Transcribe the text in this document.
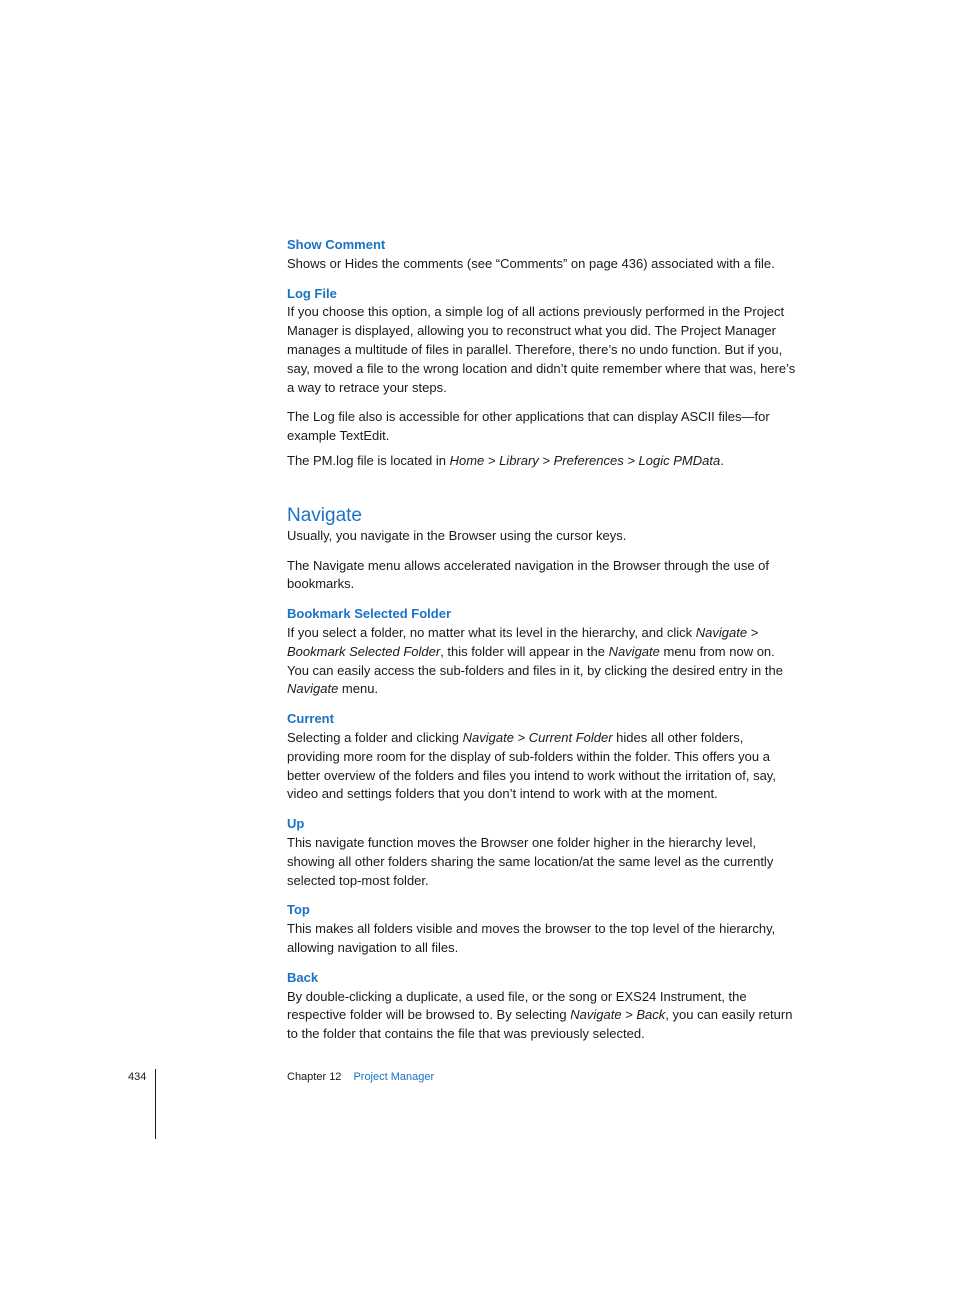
Show Comment

Shows or Hides the comments (see “Comments” on page 436) associated with a file.

Log File

If you choose this option, a simple log of all actions previously performed in the Project Manager is displayed, allowing you to reconstruct what you did. The Project Manager manages a multitude of files in parallel. Therefore, there’s no undo function. But if you, say, moved a file to the wrong location and didn’t quite remember where that was, here’s a way to retrace your steps.

The Log file also is accessible for other applications that can display ASCII files—for example TextEdit.

The PM.log file is located in Home > Library > Preferences > Logic PMData.

Navigate

Usually, you navigate in the Browser using the cursor keys.

The Navigate menu allows accelerated navigation in the Browser through the use of bookmarks.

Bookmark Selected Folder

If you select a folder, no matter what its level in the hierarchy, and click Navigate > Bookmark Selected Folder, this folder will appear in the Navigate menu from now on. You can easily access the sub-folders and files in it, by clicking the desired entry in the Navigate menu.

Current

Selecting a folder and clicking Navigate > Current Folder hides all other folders, providing more room for the display of sub-folders within the folder. This offers you a better overview of the folders and files you intend to work without the irritation of, say, video and settings folders that you don’t intend to work with at the moment.

Up

This navigate function moves the Browser one folder higher in the hierarchy level, showing all other folders sharing the same location/at the same level as the currently selected top-most folder.

Top

This makes all folders visible and moves the browser to the top level of the hierarchy, allowing navigation to all files.

Back

By double-clicking a duplicate, a used file, or the song or EXS24 Instrument, the respective folder will be browsed to. By selecting Navigate > Back, you can easily return to the folder that contains the file that was previously selected.

434	Chapter 12 Project Manager
